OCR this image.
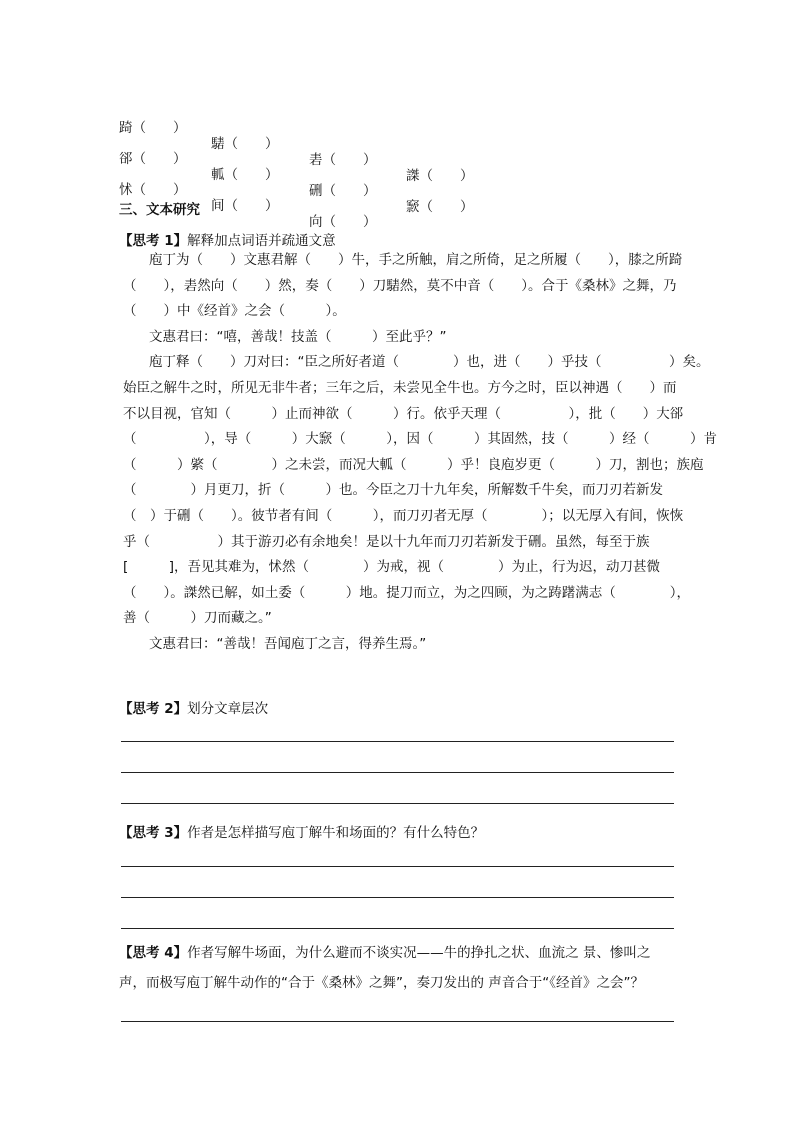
踦（　　）

騞（　　）

砉（　　）

謋（　　）

郤（　　）

軱（　　）

硎（　　）

窾（　　）

怵（　　）

间（　　）

向（　　）

三、文本研究
【思考 1】解释加点词语并疏通文意
庖丁为（　　）文惠君解（　　）牛，手之所触，肩之所倚，足之所履（　　），膝之所踦
（　　），砉然向（　　）然，奏（　　）刀騞然，莫不中音（　　）。合于《桑林》之舞，乃
（　　）中《经首》之会（　　　）。
文惠君曰：“嘻，善哉！技盖（　　　）至此乎？”
庖丁释（　　）刀对曰：“臣之所好者道（　　　　）也，进（　　）乎技（　　　　　）矣。
始臣之解牛之时，所见无非牛者；三年之后，未尝见全牛也。方今之时，臣以神遇（　　）而
不以目视，官知（　　　）止而神欲（　　　）行。依乎天理（　　　　　），批（　　）大郤
（　　　　　），导（　　　）大窾（　　　），因（　　　）其固然，技（　　　）经（　　　）肯
（　　　）綮（　　　　）之未尝，而况大軱（　　　）乎！良庖岁更（　　　）刀，割也；族庖
（　　　　）月更刀，折（　　　）也。今臣之刀十九年矣，所解数千牛矣，而刀刃若新发
（　）于硎（　　）。彼节者有间（　　　），而刀刃者无厚（　　　　）；以无厚入有间，恢恢
乎（　　　　　）其于游刃必有余地矣！是以十九年而刀刃若新发于硎。虽然，每至于族
[　　　]，吾见其难为，怵然（　　　　）为戒，视（　　　　）为止，行为迟，动刀甚微
（　　）。謋然已解，如土委（　　　）地。提刀而立，为之四顾，为之踌躇满志（　　　　），
善（　　　）刀而藏之。”
文惠君曰：“善哉！吾闻庖丁之言，得养生焉。”
【思考 2】划分文章层次
【思考 3】作者是怎样描写庖丁解牛和场面的？有什么特色？
【思考 4】作者写解牛场面，为什么避而不谈实况——牛的挣扎之状、血流之 景、惨叫之
声，而极写庖丁解牛动作的“合于《桑林》之舞”，奏刀发出的 声音合于“《经首》之会”？
